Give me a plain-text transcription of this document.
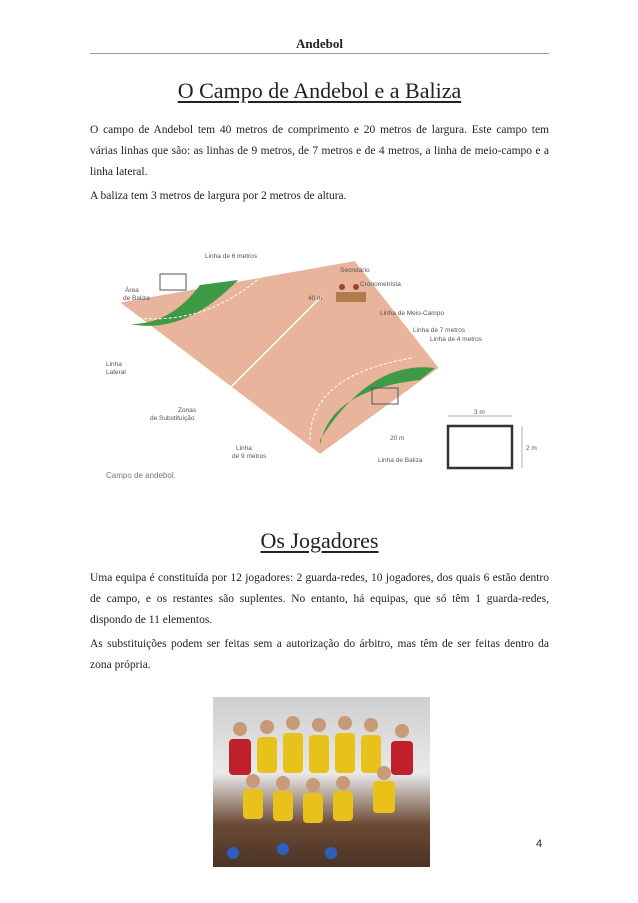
Andebol
O Campo de Andebol e a Baliza

O campo de Andebol tem 40 metros de comprimento e 20 metros de largura. Este campo tem várias linhas que são: as linhas de 9 metros, de 7 metros e de 4 metros, a linha de meio-campo e a linha lateral.

A baliza tem 3 metros de largura por 2 metros de altura.

Linha de 6 metros
Secretário
Cronometrista
Área
de Baliza	40 m
Linha de Meio-Campo
Linha de 7 metros
Linha de 4 metros
Linha
Lateral
Zonas
de Substituição
20 m
3 m
2 m
Linha
de 9 metros
Linha de Baliza
Campo de andebol.
Os Jogadores

Uma equipa é constituída por 12 jogadores: 2 guarda-redes, 10 jogadores, dos quais 6 estão dentro de campo, e os restantes são suplentes. No entanto, há equipas, que só têm 1 guarda-redes, dispondo de 11 elementos.

As substituições podem ser feitas sem a autorização do árbitro, mas têm de ser feitas dentro da zona própria.

4
